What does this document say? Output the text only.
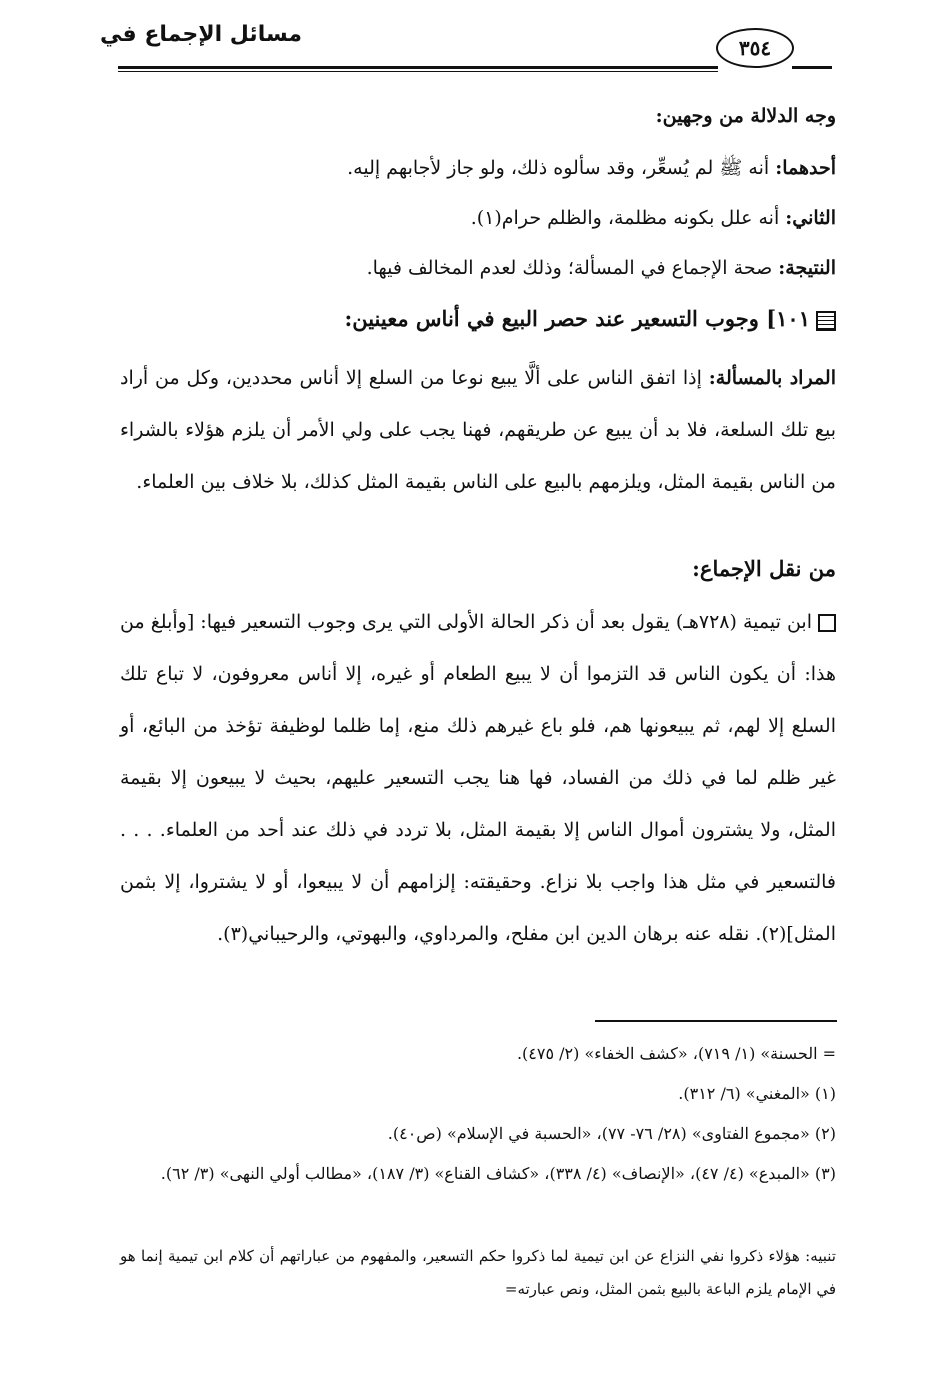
٣٥٤
مسائل الإجماع في
وجه الدلالة من وجهين:
أحدهما: أنه ﷺ لم يُسعِّر، وقد سألوه ذلك، ولو جاز لأجابهم إليه.
الثاني: أنه علل بكونه مظلمة، والظلم حرام(١).
النتيجة: صحة الإجماع في المسألة؛ وذلك لعدم المخالف فيها.
١٠١] وجوب التسعير عند حصر البيع في أناس معينين:
المراد بالمسألة: إذا اتفق الناس على ألَّا يبيع نوعا من السلع إلا أناس محددين، وكل من أراد بيع تلك السلعة، فلا بد أن يبيع عن طريقهم، فهنا يجب على ولي الأمر أن يلزم هؤلاء بالشراء من الناس بقيمة المثل، ويلزمهم بالبيع على الناس بقيمة المثل كذلك، بلا خلاف بين العلماء.
من نقل الإجماع:
ابن تيمية (٧٢٨هـ) يقول بعد أن ذكر الحالة الأولى التي يرى وجوب التسعير فيها: [وأبلغ من هذا: أن يكون الناس قد التزموا أن لا يبيع الطعام أو غيره، إلا أناس معروفون، لا تباع تلك السلع إلا لهم، ثم يبيعونها هم، فلو باع غيرهم ذلك منع، إما ظلما لوظيفة تؤخذ من البائع، أو غير ظلم لما في ذلك من الفساد، فها هنا يجب التسعير عليهم، بحيث لا يبيعون إلا بقيمة المثل، ولا يشترون أموال الناس إلا بقيمة المثل، بلا تردد في ذلك عند أحد من العلماء. . . . فالتسعير في مثل هذا واجب بلا نزاع. وحقيقته: إلزامهم أن لا يبيعوا، أو لا يشتروا، إلا بثمن المثل](٢). نقله عنه برهان الدين ابن مفلح، والمرداوي، والبهوتي، والرحيباني(٣).
= الحسنة» (١/ ٧١٩)، «كشف الخفاء» (٢/ ٤٧٥).
(١) «المغني» (٦/ ٣١٢).
(٢) «مجموع الفتاوى» (٢٨/ ٧٦- ٧٧)، «الحسبة في الإسلام» (ص٤٠).
(٣) «المبدع» (٤/ ٤٧)، «الإنصاف» (٤/ ٣٣٨)، «كشاف القناع» (٣/ ١٨٧)، «مطالب أولي النهى» (٣/ ٦٢).
تنبيه: هؤلاء ذكروا نفي النزاع عن ابن تيمية لما ذكروا حكم التسعير، والمفهوم من عباراتهم أن كلام ابن تيمية إنما هو في الإمام يلزم الباعة بالبيع بثمن المثل، ونص عبارته=
